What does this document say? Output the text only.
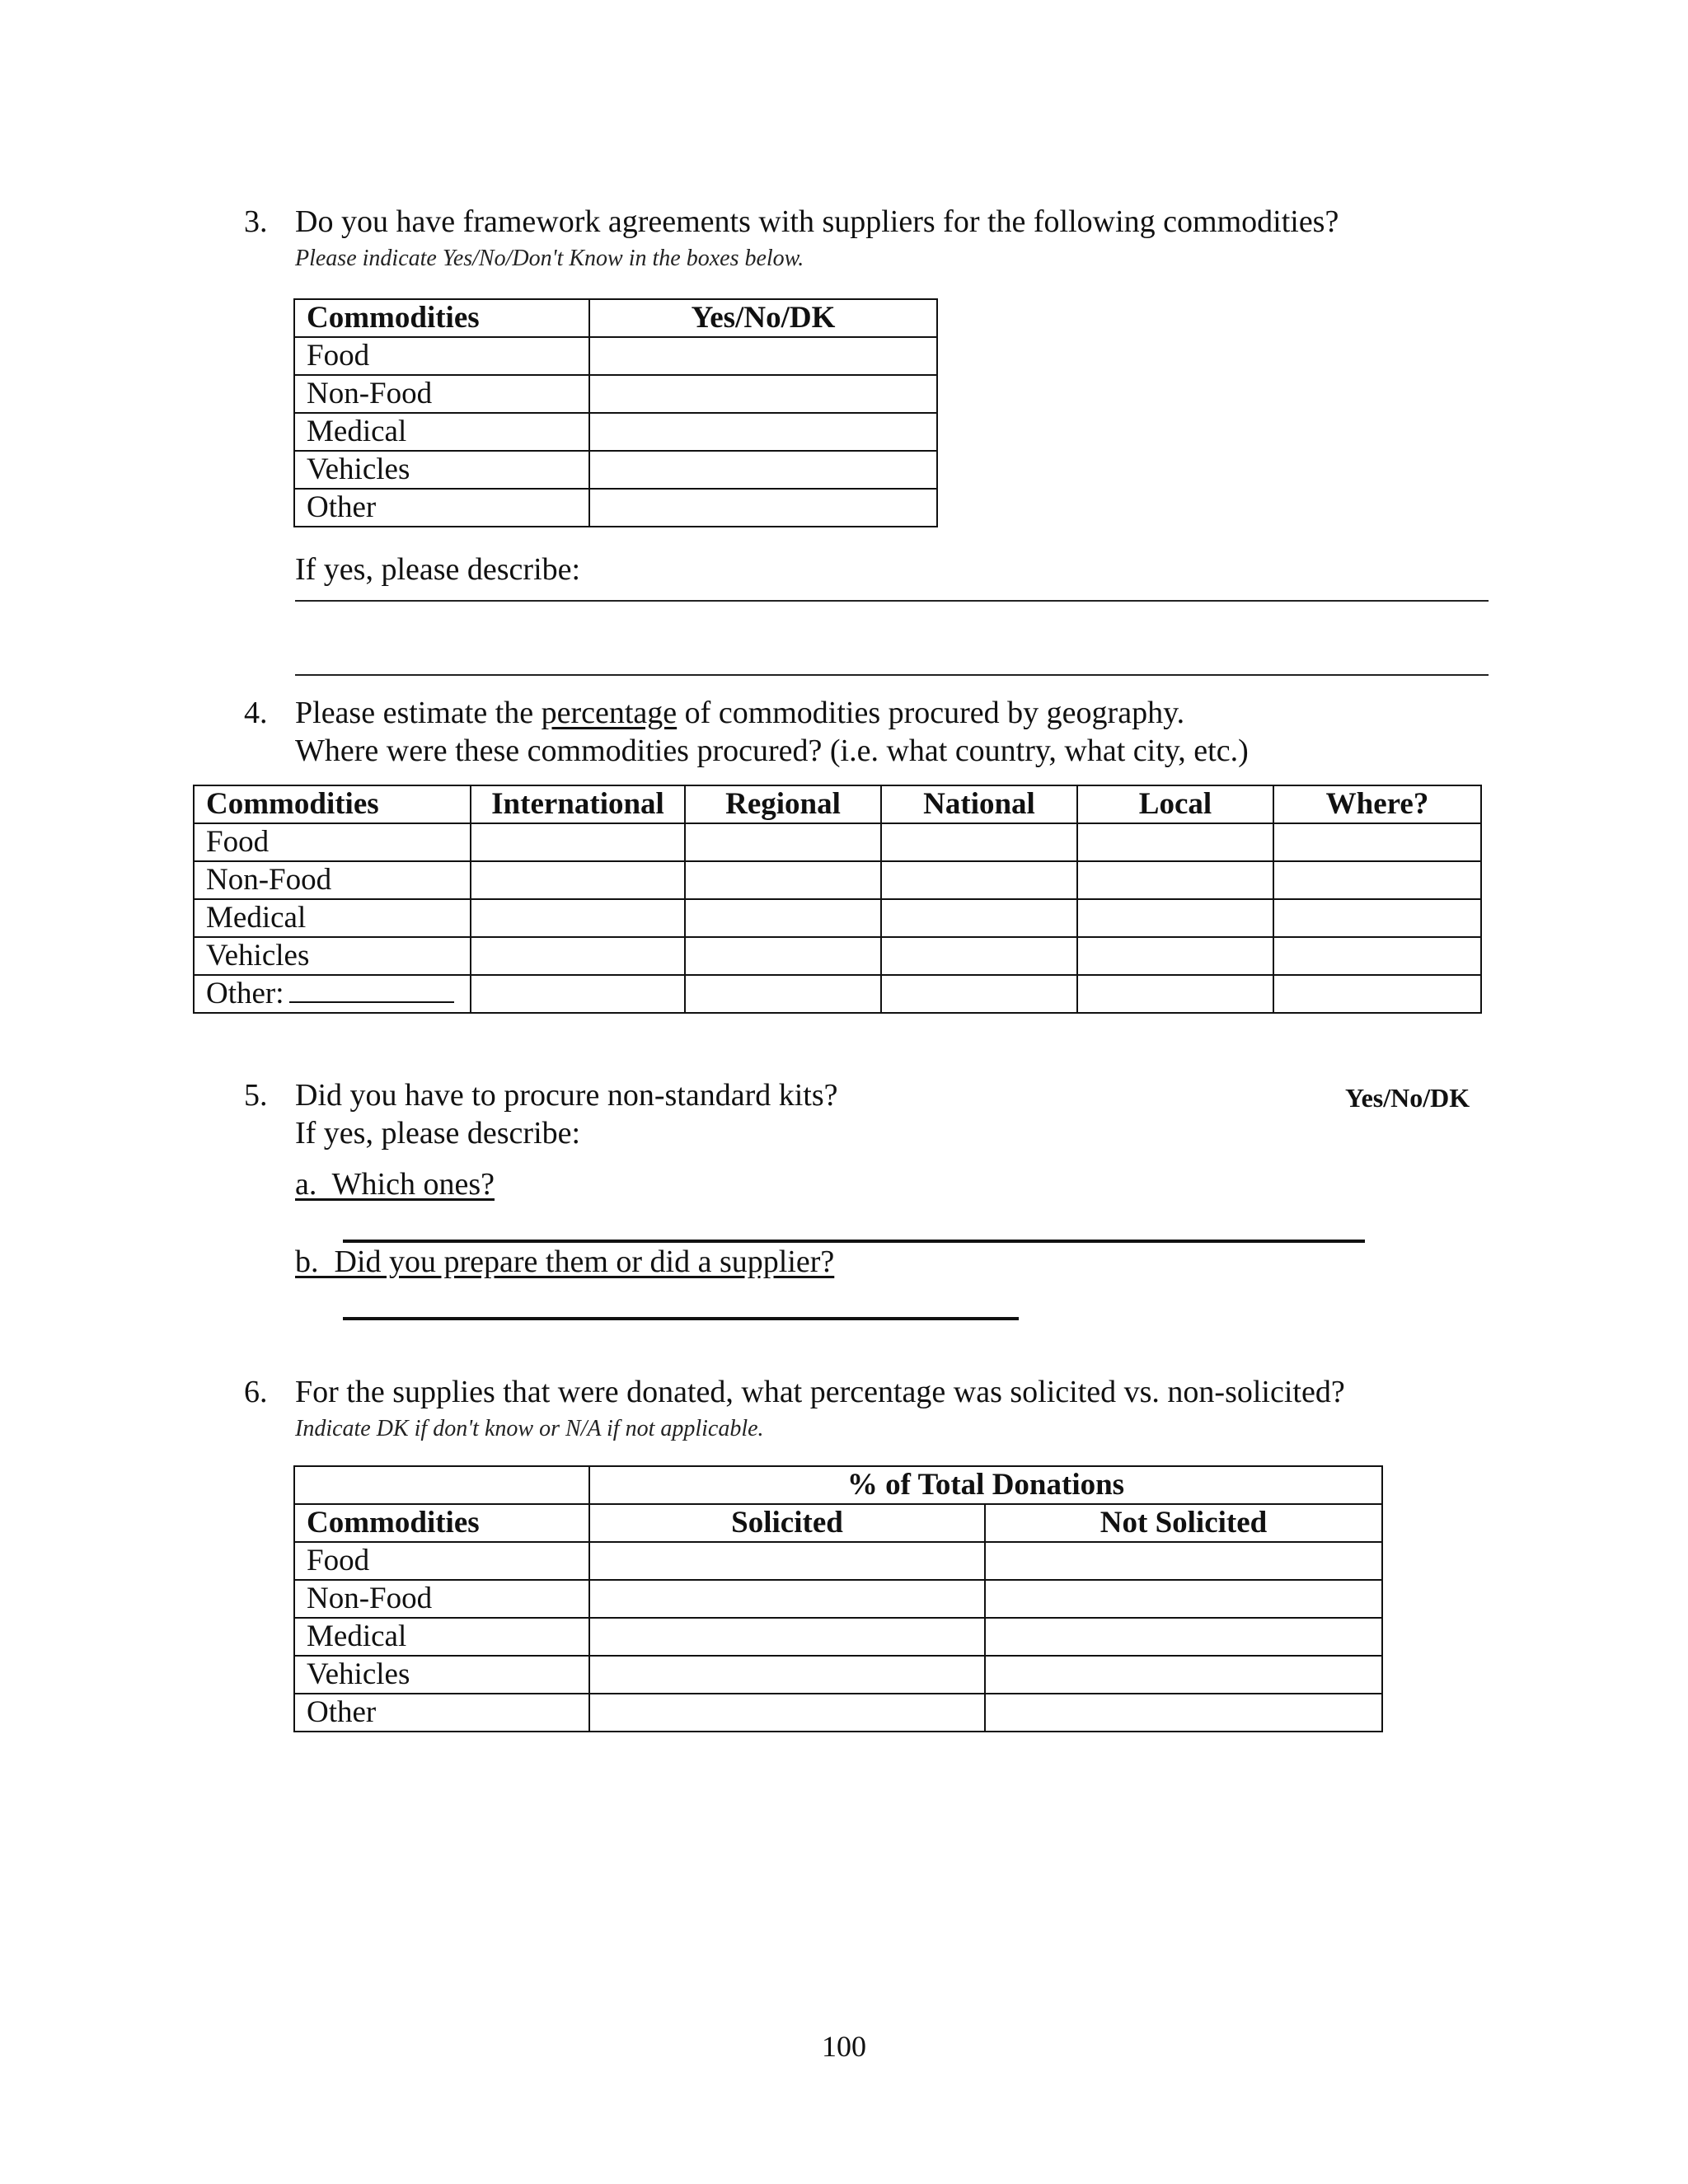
3. Do you have framework agreements with suppliers for the following commodities?
Please indicate Yes/No/Don't Know in the boxes below.
Commodities	Yes/No/DK
Food	
Non-Food	
Medical	
Vehicles	
Other	
If yes, please describe:
4. Please estimate the percentage of commodities procured by geography.
Where were these commodities procured? (i.e. what country, what city, etc.)
Commodities	International	Regional	National	Local	Where?
Food					
Non-Food					
Medical					
Vehicles					
Other:					
5. Did you have to procure non-standard kits?	Yes/No/DK
If yes, please describe:
a.  Which ones?
b.  Did you prepare them or did a supplier?
6. For the supplies that were donated, what percentage was solicited vs. non-solicited?
Indicate DK if don't know or N/A if not applicable.
	% of Total Donations	
Commodities	Solicited	Not Solicited
Food		
Non-Food		
Medical		
Vehicles		
Other		
100
